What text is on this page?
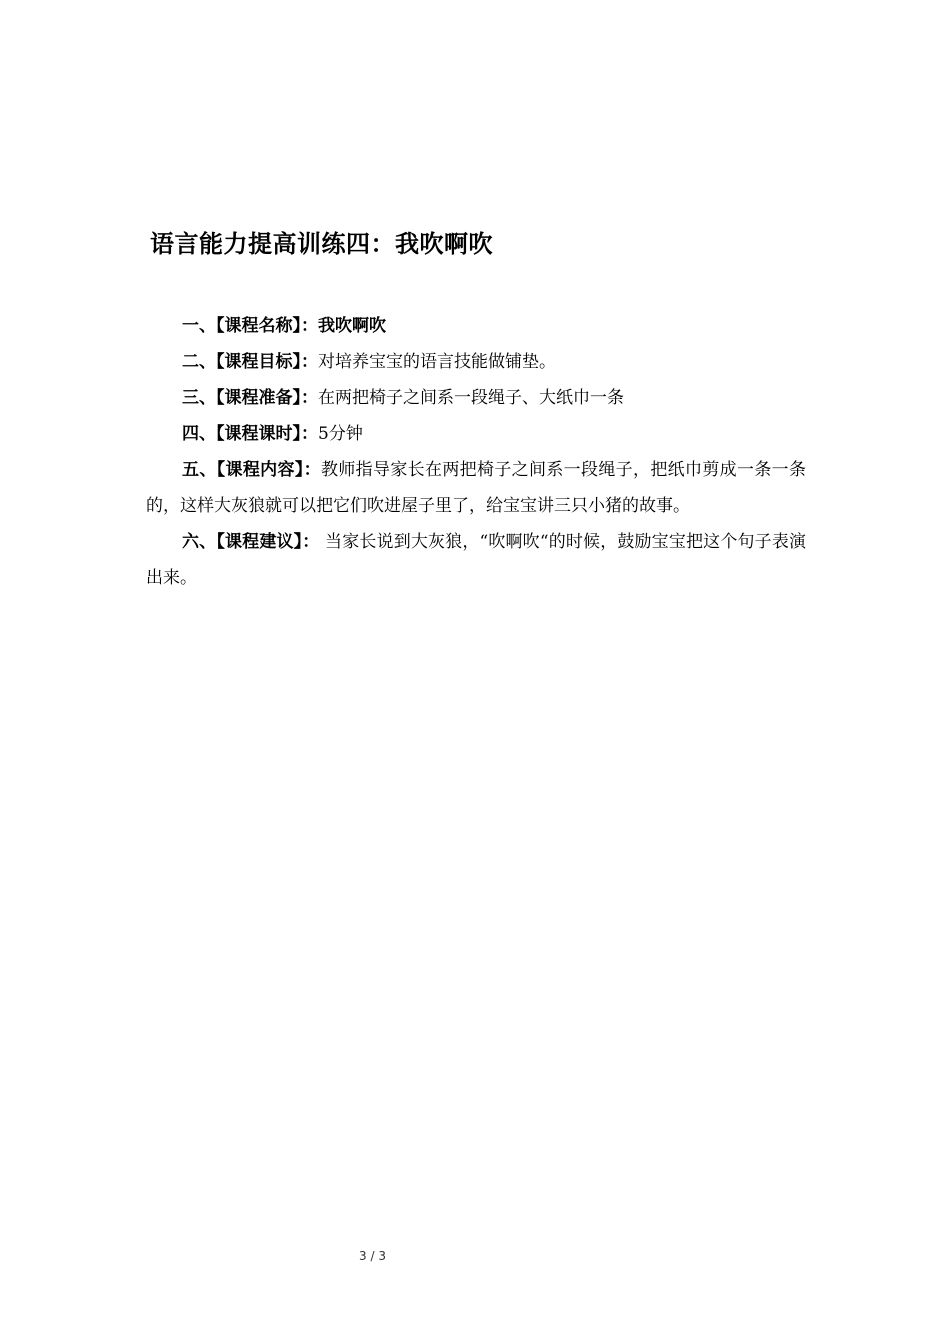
语言能力提高训练四：我吹啊吹

一、【课程名称】：我吹啊吹

二、【课程目标】：对培养宝宝的语言技能做铺垫。

三、【课程准备】：在两把椅子之间系一段绳子、大纸巾一条

四、【课程课时】：5分钟

五、【课程内容】：教师指导家长在两把椅子之间系一段绳子，把纸巾剪成一条一条的，这样大灰狼就可以把它们吹进屋子里了，给宝宝讲三只小猪的故事。

六、【课程建议】： 当家长说到大灰狼，“吹啊吹“的时候，鼓励宝宝把这个句子表演出来。

3 / 3
